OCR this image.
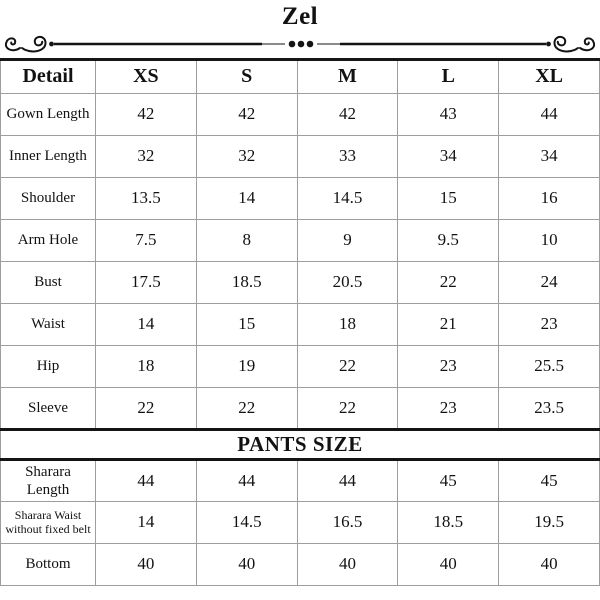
Zel
Detail	XS	S	M	L	XL
Gown Length	42	42	42	43	44
Inner Length	32	32	33	34	34
Shoulder	13.5	14	14.5	15	16
Arm Hole	7.5	8	9	9.5	10
Bust	17.5	18.5	20.5	22	24
Waist	14	15	18	21	23
Hip	18	19	22	23	25.5
Sleeve	22	22	22	23	23.5
PANTS SIZE					
Sharara Length	44	44	44	45	45
Sharara Waist without fixed belt	14	14.5	16.5	18.5	19.5
Bottom	40	40	40	40	40
